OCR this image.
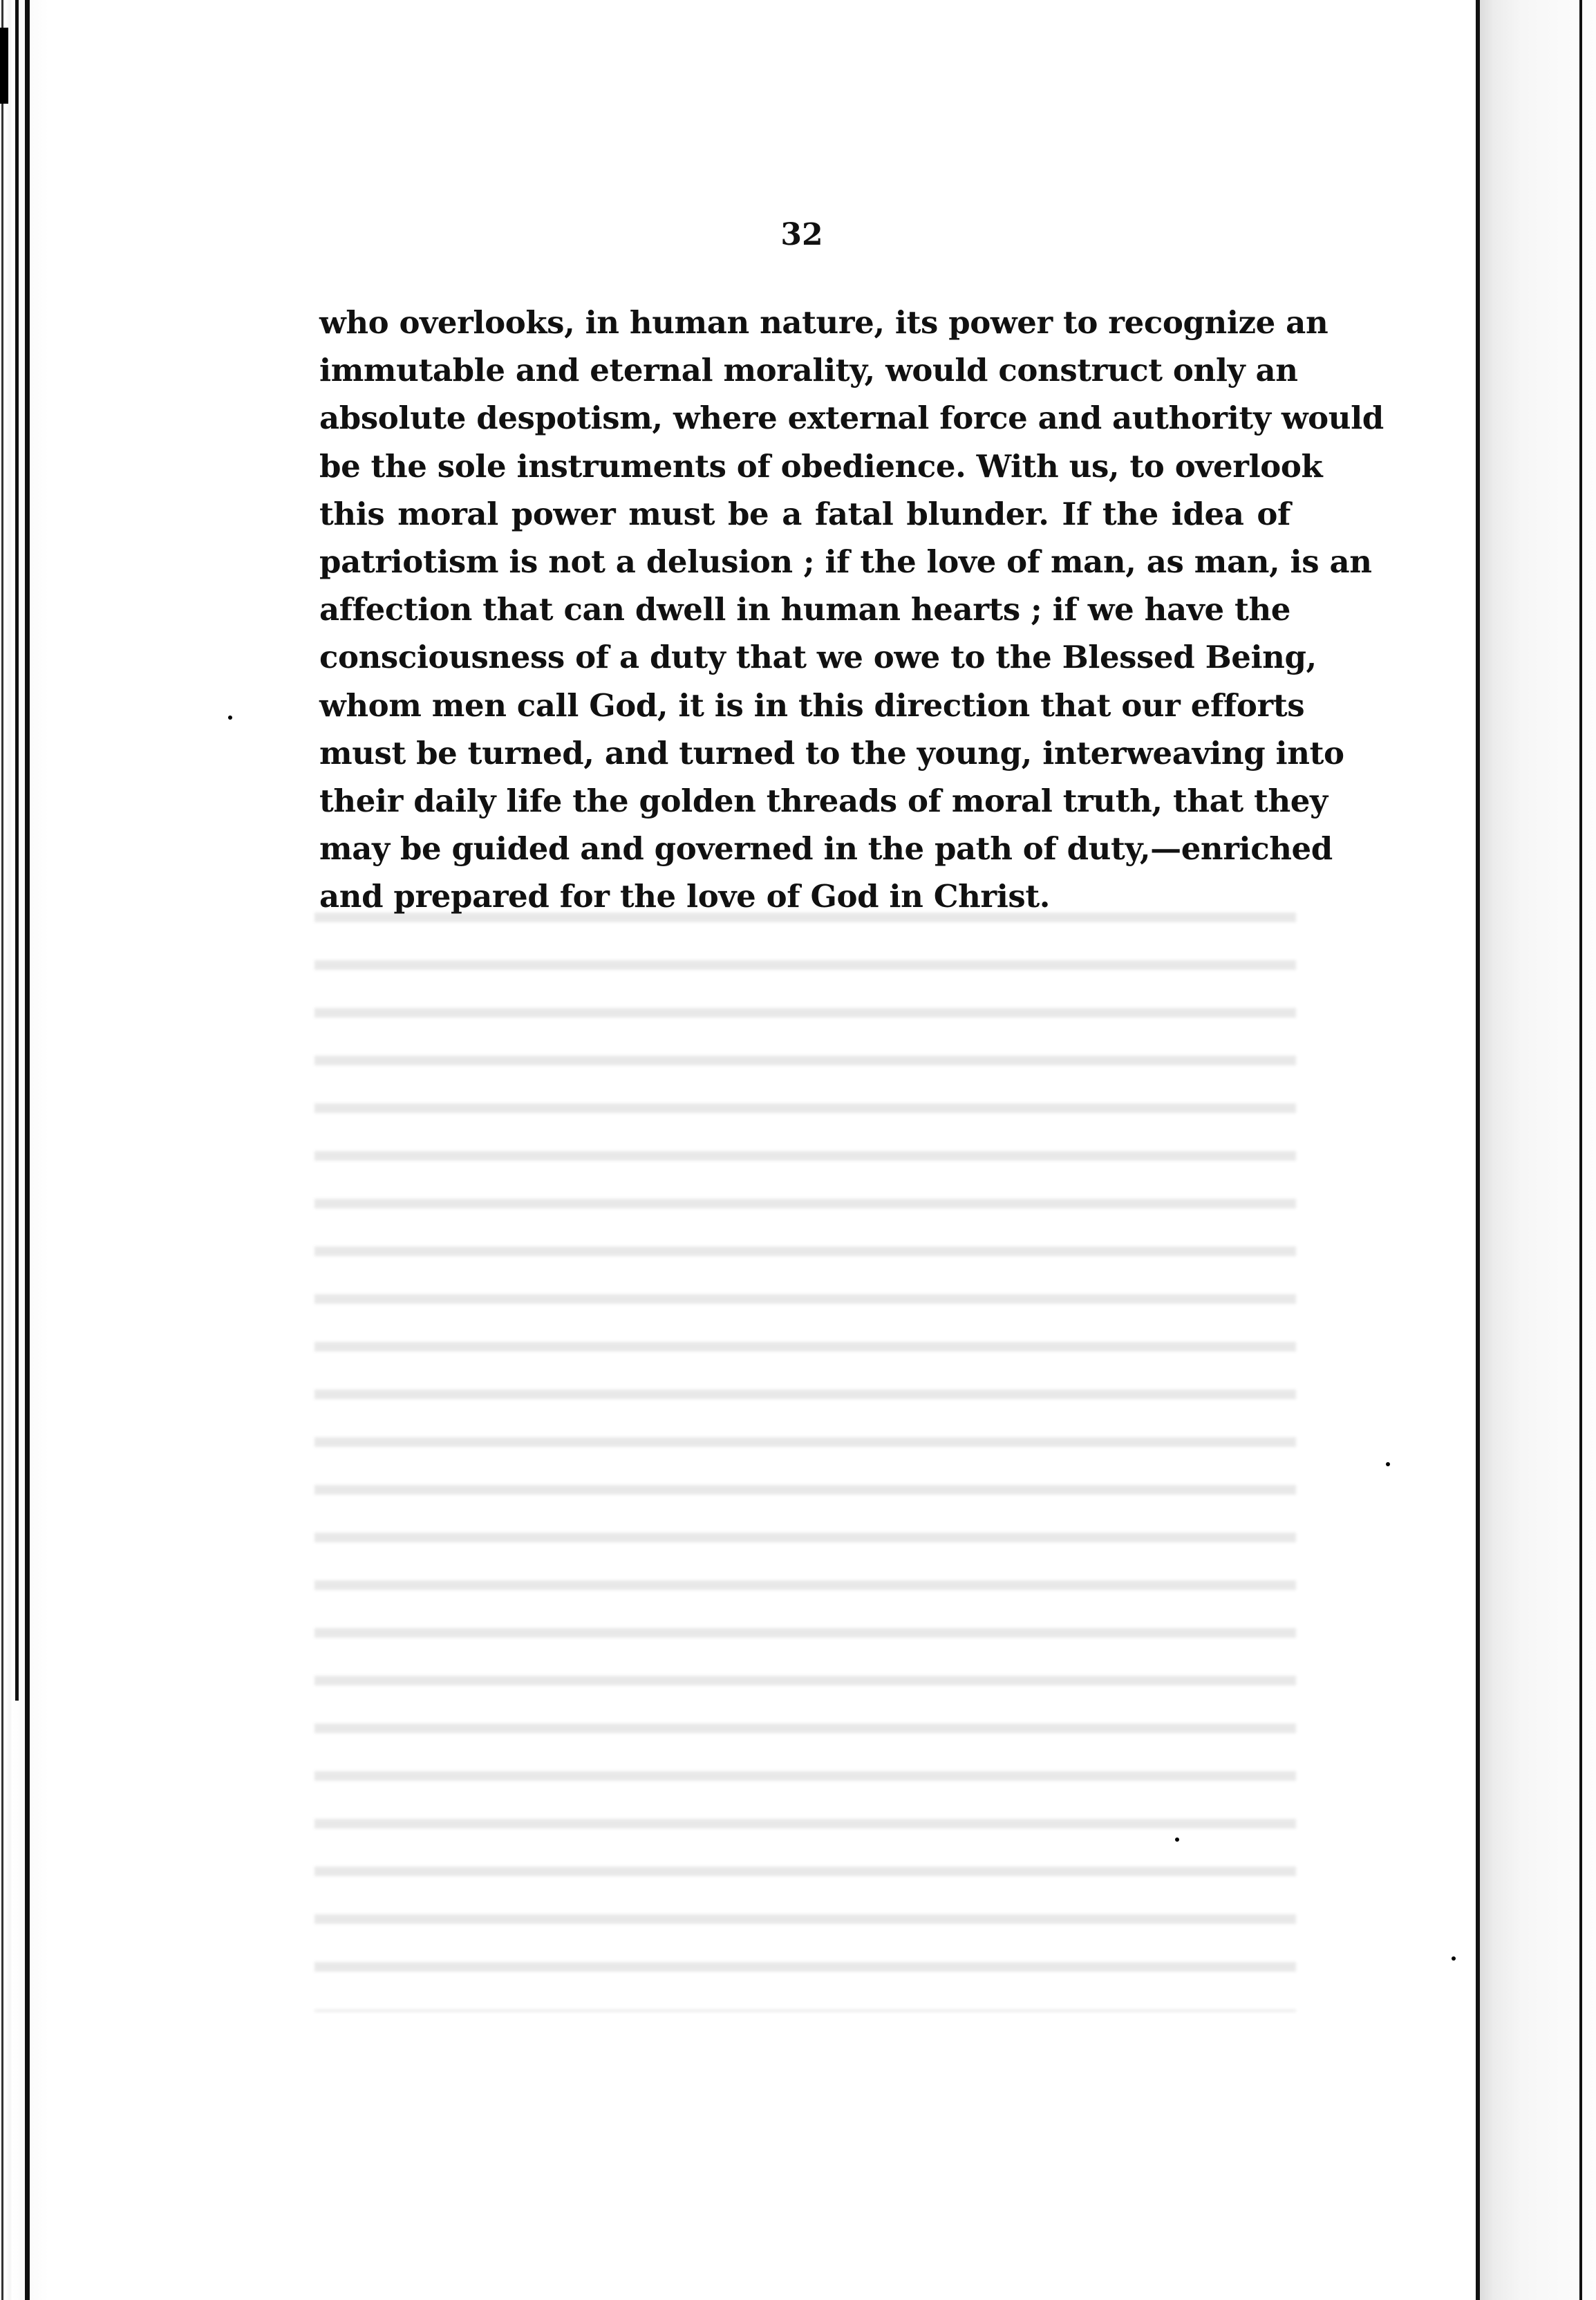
32
who overlooks, in human nature, its power to recognize an
immutable and eternal morality, would construct only an
absolute despotism, where external force and authority would
be the sole instruments of obedience. With us, to overlook
this moral power must be a fatal blunder. If the idea of
patriotism is not a delusion ; if the love of man, as man, is an
affection that can dwell in human hearts ; if we have the
consciousness of a duty that we owe to the Blessed Being,
whom men call God, it is in this direction that our efforts
must be turned, and turned to the young, interweaving into
their daily life the golden threads of moral truth, that they
may be guided and governed in the path of duty,—enriched
and prepared for the love of God in Christ.
